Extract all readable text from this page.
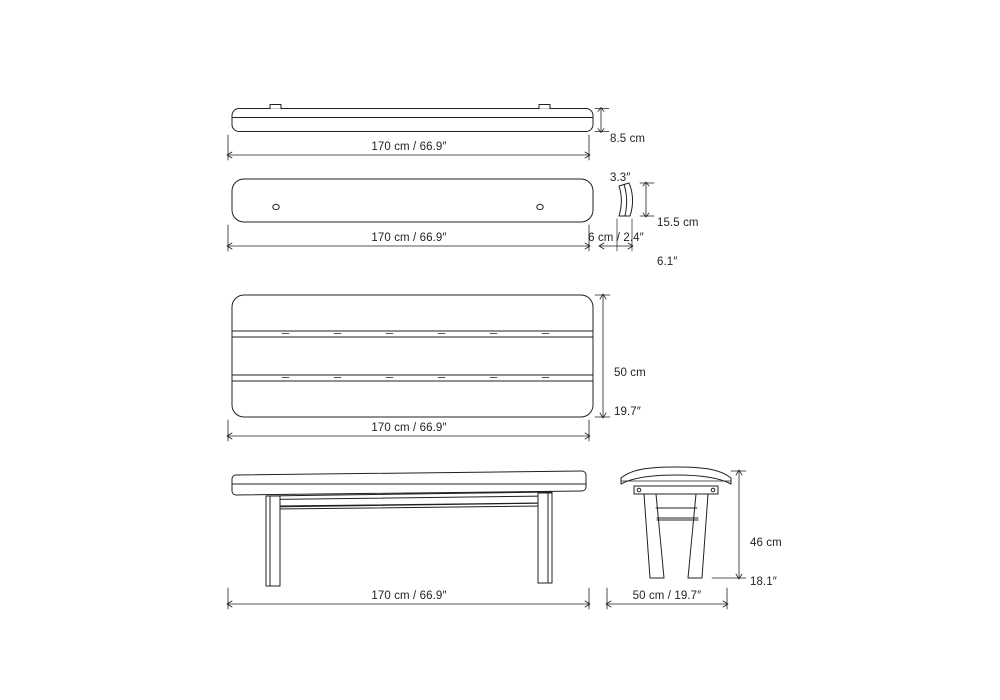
8.5 cm

3.3″

170 cm / 66.9″

15.5 cm

6.1″

170 cm / 66.9″	6 cm / 2.4″

50 cm

19.7″

170 cm / 66.9″

46 cm

18.1″

170 cm / 66.9″	50 cm / 19.7″
